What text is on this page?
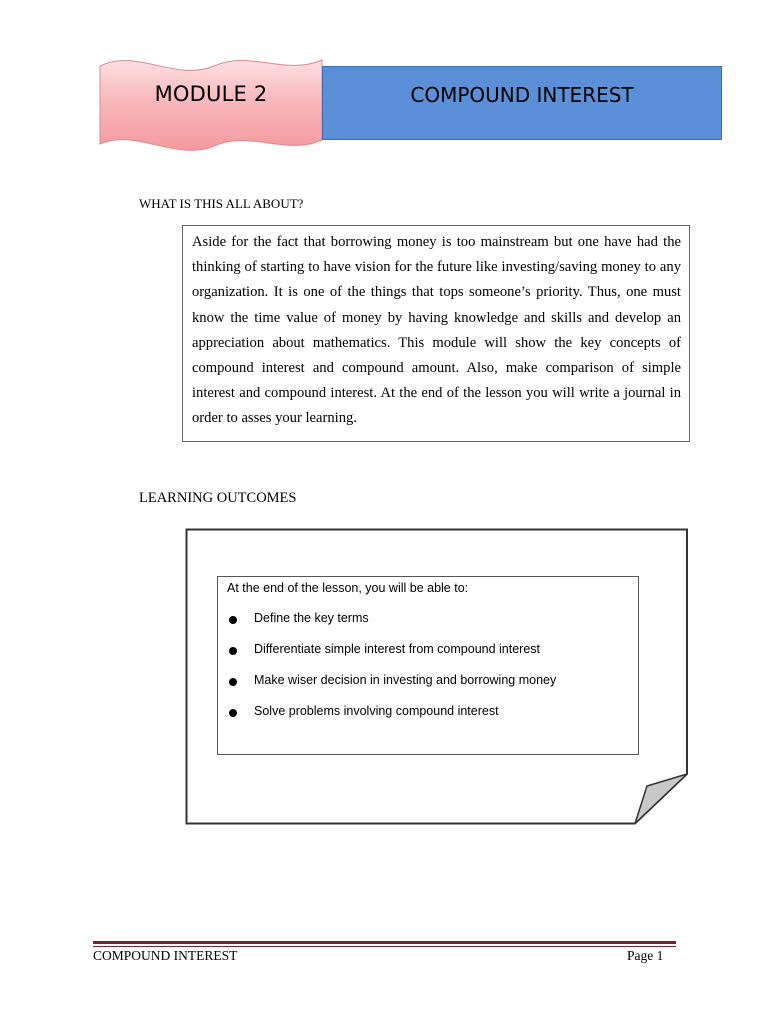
MODULE 2	COMPOUND INTEREST
WHAT IS THIS ALL ABOUT?

Aside for the fact that borrowing money is too mainstream but one have had the thinking of starting to have vision for the future like investing/saving money to any organization. It is one of the things that tops someone’s priority. Thus, one must know the time value of money by having knowledge and skills and develop an appreciation about mathematics. This module will show the key concepts of compound interest and compound amount. Also, make comparison of simple interest and compound interest. At the end of the lesson you will write a journal in order to asses your learning.

LEARNING OUTCOMES
At the end of the lesson, you will be able to:
Define the key terms
Differentiate simple interest from compound interest
Make wiser decision in investing and borrowing money
Solve problems involving compound interest
COMPOUND INTEREST	Page 1
